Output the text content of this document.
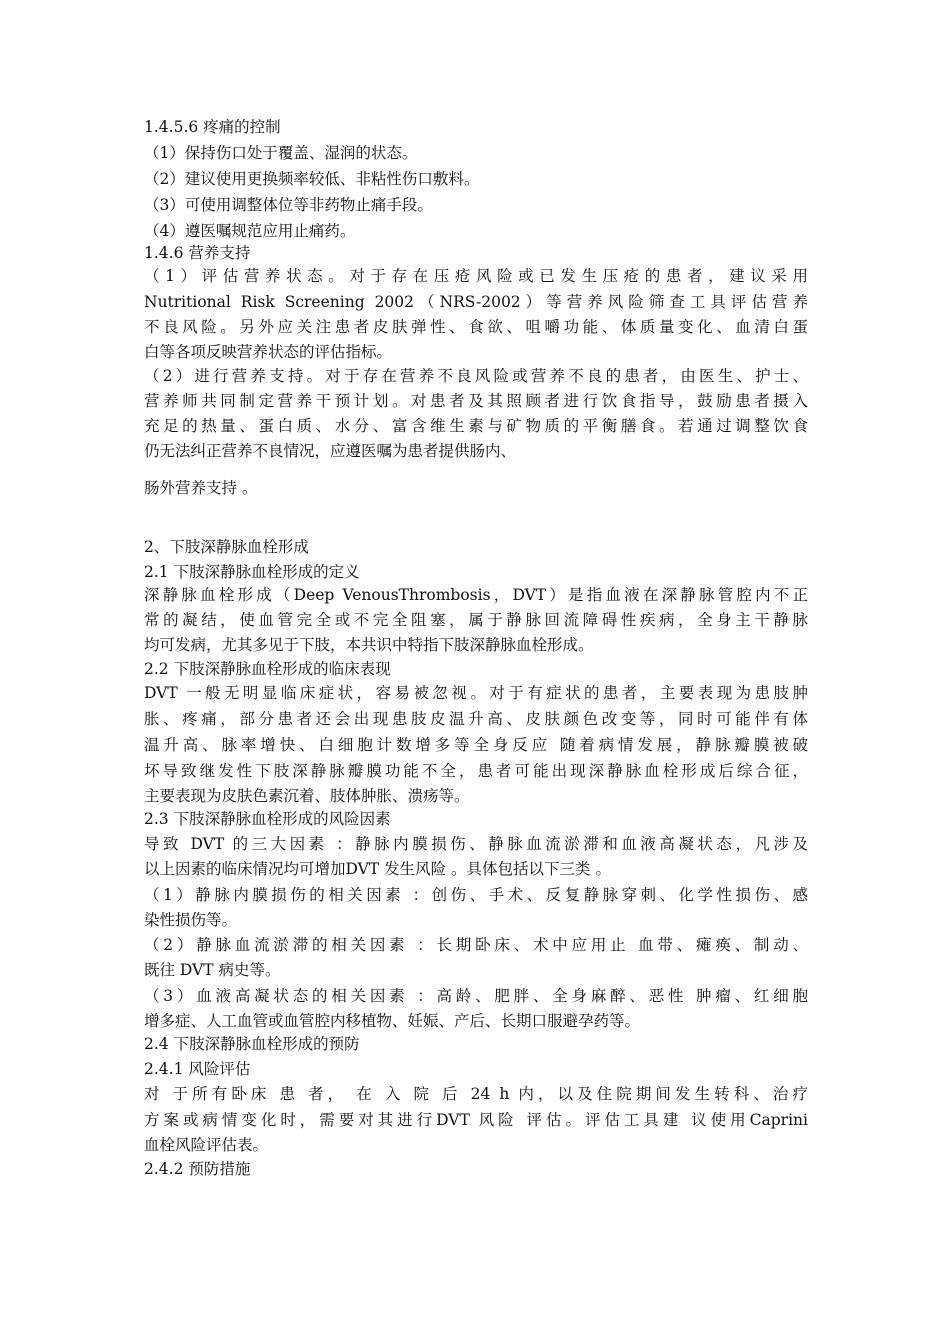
1.4.5.6 疼痛的控制
（1）保持伤口处于覆盖、湿润的状态。
（2）建议使用更换频率较低、非粘性伤口敷料。
（3）可使用调整体位等非药物止痛手段。
（4）遵医嘱规范应用止痛药。
1.4.6 营养支持
（1）评估营养状态。对于存在压疮风险或已发生压疮的患者，建议采用
Nutritional Risk Screening 2002（NRS-2002）等营养风险筛查工具评估营养
不良风险。另外应关注患者皮肤弹性、食欲、咀嚼功能、体质量变化、血清白蛋
白等各项反映营养状态的评估指标。
（2）进行营养支持。对于存在营养不良风险或营养不良的患者，由医生、护士、
营养师共同制定营养干预计划。对患者及其照顾者进行饮食指导，鼓励患者摄入
充足的热量、蛋白质、水分、富含维生素与矿物质的平衡膳食。若通过调整饮食
仍无法纠正营养不良情况，应遵医嘱为患者提供肠内、
肠外营养支持 。
2、下肢深静脉血栓形成
2.1 下肢深静脉血栓形成的定义
深静脉血栓形成（Deep VenousThrombosis，DVT）是指血液在深静脉管腔内不正
常的凝结，使血管完全或不完全阻塞，属于静脉回流障碍性疾病，全身主干静脉
均可发病，尤其多见于下肢，本共识中特指下肢深静脉血栓形成。
2.2 下肢深静脉血栓形成的临床表现
DVT 一般无明显临床症状，容易被忽视。对于有症状的患者，主要表现为患肢肿
胀、疼痛，部分患者还会出现患肢皮温升高、皮肤颜色改变等，同时可能伴有体
温升高、脉率增快、白细胞计数增多等全身反应 随着病情发展，静脉瓣膜被破
坏导致继发性下肢深静脉瓣膜功能不全，患者可能出现深静脉血栓形成后综合征，
主要表现为皮肤色素沉着、肢体肿胀、溃疡等。
2.3 下肢深静脉血栓形成的风险因素
导致 DVT 的三大因素 ：静脉内膜损伤、静脉血流淤滞和血液高凝状态，凡涉及
以上因素的临床情况均可增加DVT 发生风险 。具体包括以下三类 。
（1）静脉内膜损伤的相关因素 ：创伤、手术、反复静脉穿刺、化学性损伤、感
染性损伤等。
（2）静脉血流淤滞的相关因素 ：长期卧床、术中应用止 血带、瘫痪、制动、
既往 DVT 病史等。
（3）血液高凝状态的相关因素 ：高龄、肥胖、全身麻醉、恶性 肿瘤、红细胞
增多症、人工血管或血管腔内移植物、妊娠、产后、长期口服避孕药等。
2.4 下肢深静脉血栓形成的预防
2.4.1 风险评估
对 于所有卧床 患 者， 在 入 院 后 24 h 内，以及住院期间发生转科、治疗
方案或病情变化时，需要对其进行DVT 风险 评估。评估工具建 议使用Caprini
血栓风险评估表。
2.4.2 预防措施
